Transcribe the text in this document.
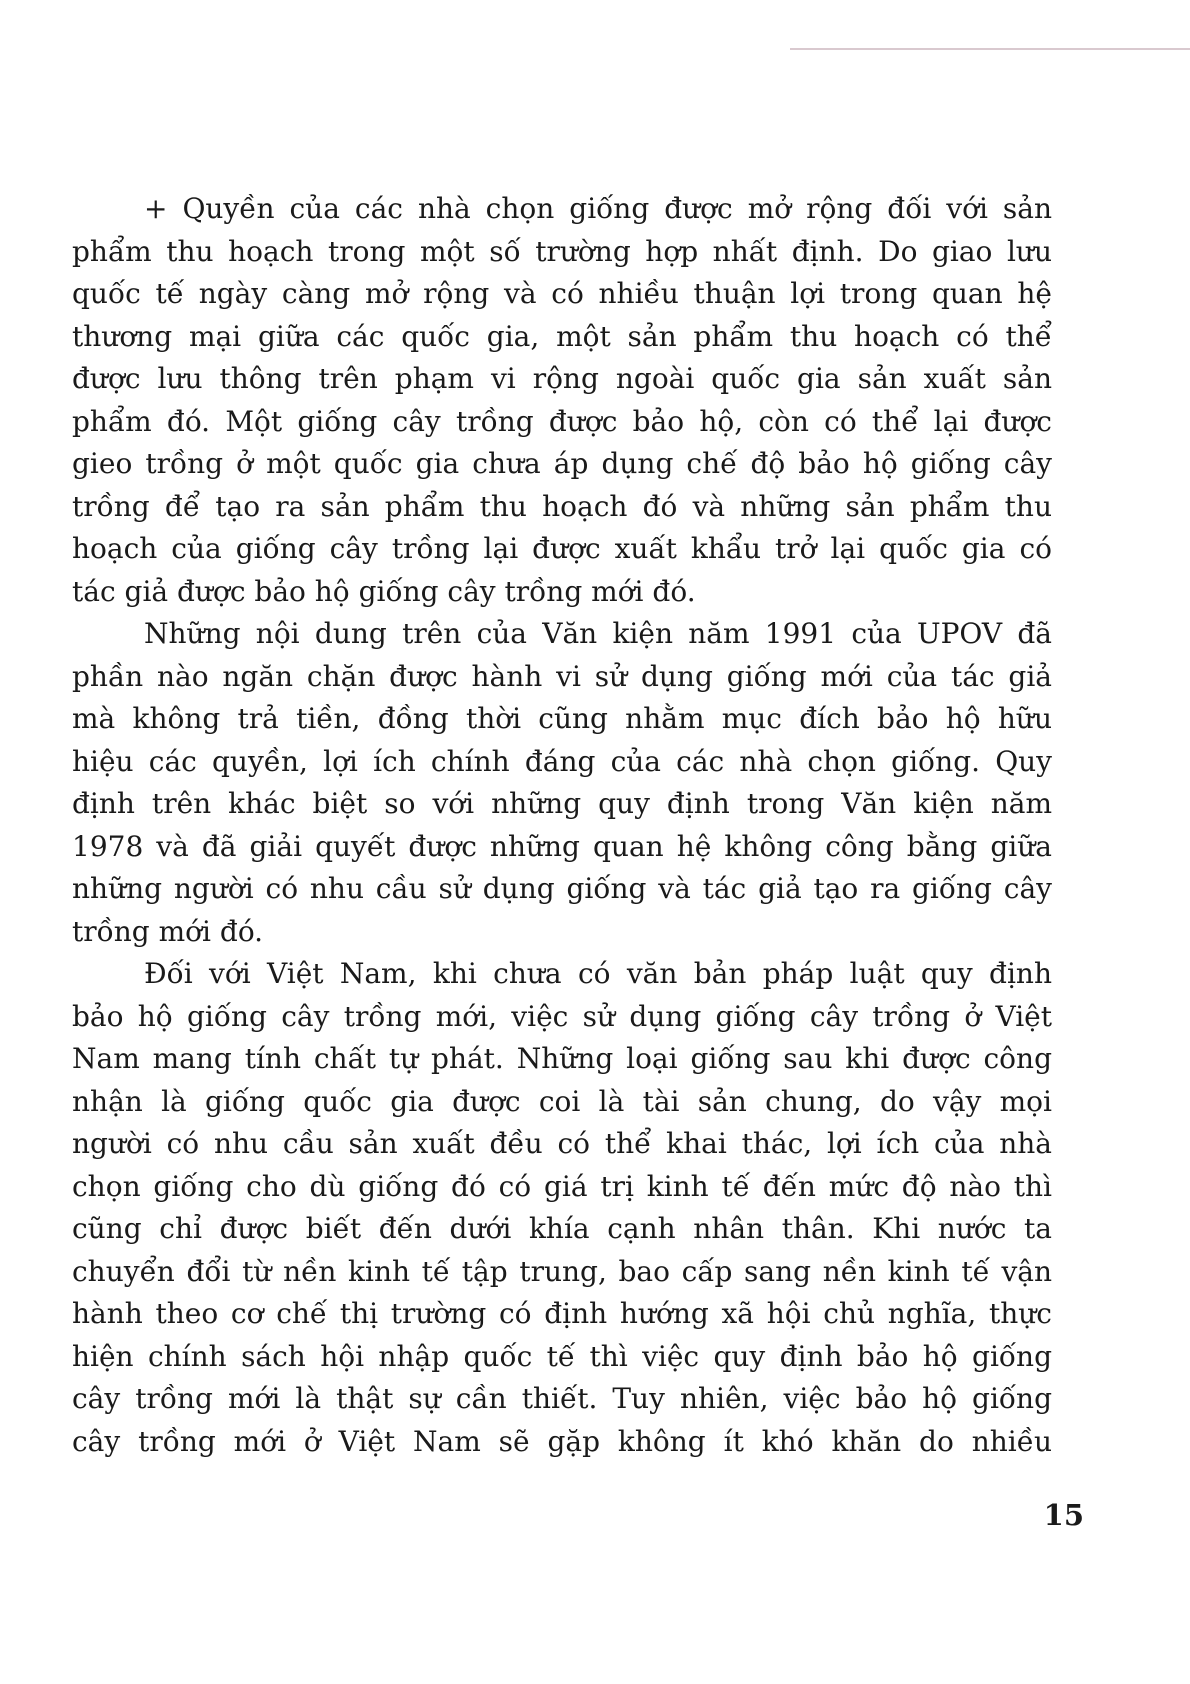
+ Quyền của các nhà chọn giống được mở rộng đối với sản
phẩm thu hoạch trong một số trường hợp nhất định. Do giao lưu
quốc tế ngày càng mở rộng và có nhiều thuận lợi trong quan hệ
thương mại giữa các quốc gia, một sản phẩm thu hoạch có thể
được lưu thông trên phạm vi rộng ngoài quốc gia sản xuất sản
phẩm đó. Một giống cây trồng được bảo hộ, còn có thể lại được
gieo trồng ở một quốc gia chưa áp dụng chế độ bảo hộ giống cây
trồng để tạo ra sản phẩm thu hoạch đó và những sản phẩm thu
hoạch của giống cây trồng lại được xuất khẩu trở lại quốc gia có
tác giả được bảo hộ giống cây trồng mới đó.
Những nội dung trên của Văn kiện năm 1991 của UPOV đã
phần nào ngăn chặn được hành vi sử dụng giống mới của tác giả
mà không trả tiền, đồng thời cũng nhằm mục đích bảo hộ hữu
hiệu các quyền, lợi ích chính đáng của các nhà chọn giống. Quy
định trên khác biệt so với những quy định trong Văn kiện năm
1978 và đã giải quyết được những quan hệ không công bằng giữa
những người có nhu cầu sử dụng giống và tác giả tạo ra giống cây
trồng mới đó.
Đối với Việt Nam, khi chưa có văn bản pháp luật quy định
bảo hộ giống cây trồng mới, việc sử dụng giống cây trồng ở Việt
Nam mang tính chất tự phát. Những loại giống sau khi được công
nhận là giống quốc gia được coi là tài sản chung, do vậy mọi
người có nhu cầu sản xuất đều có thể khai thác, lợi ích của nhà
chọn giống cho dù giống đó có giá trị kinh tế đến mức độ nào thì
cũng chỉ được biết đến dưới khía cạnh nhân thân. Khi nước ta
chuyển đổi từ nền kinh tế tập trung, bao cấp sang nền kinh tế vận
hành theo cơ chế thị trường có định hướng xã hội chủ nghĩa, thực
hiện chính sách hội nhập quốc tế thì việc quy định bảo hộ giống
cây trồng mới là thật sự cần thiết. Tuy nhiên, việc bảo hộ giống
cây trồng mới ở Việt Nam sẽ gặp không ít khó khăn do nhiều
15
